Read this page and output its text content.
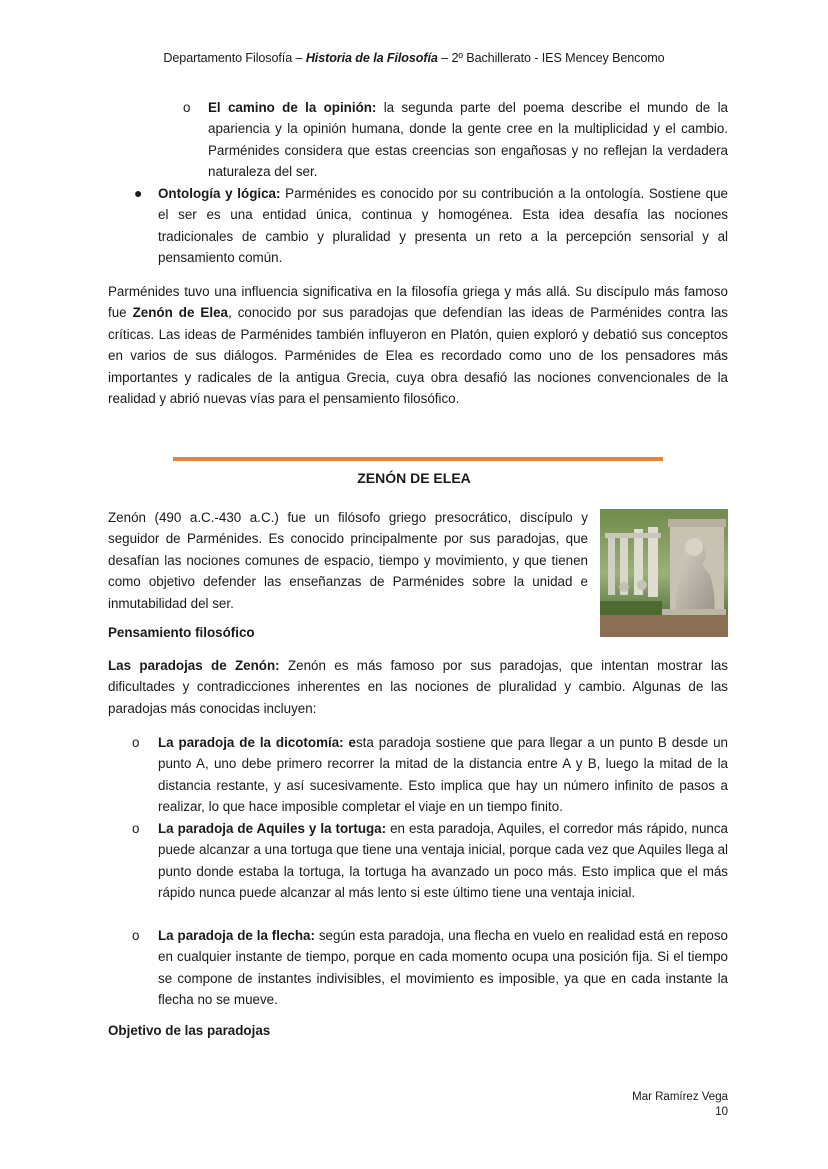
Departamento Filosofía – Historia de la Filosofía – 2º Bachillerato - IES Mencey Bencomo
o El camino de la opinión: la segunda parte del poema describe el mundo de la apariencia y la opinión humana, donde la gente cree en la multiplicidad y el cambio. Parménides considera que estas creencias son engañosas y no reflejan la verdadera naturaleza del ser.
● Ontología y lógica: Parménides es conocido por su contribución a la ontología. Sostiene que el ser es una entidad única, continua y homogénea. Esta idea desafía las nociones tradicionales de cambio y pluralidad y presenta un reto a la percepción sensorial y al pensamiento común.
Parménides tuvo una influencia significativa en la filosofía griega y más allá. Su discípulo más famoso fue Zenón de Elea, conocido por sus paradojas que defendían las ideas de Parménides contra las críticas. Las ideas de Parménides también influyeron en Platón, quien exploró y debatió sus conceptos en varios de sus diálogos. Parménides de Elea es recordado como uno de los pensadores más importantes y radicales de la antigua Grecia, cuya obra desafió las nociones convencionales de la realidad y abrió nuevas vías para el pensamiento filosófico.
ZENÓN DE ELEA
Zenón (490 a.C.-430 a.C.) fue un filósofo griego presocrático, discípulo y seguidor de Parménides. Es conocido principalmente por sus paradojas, que desafían las nociones comunes de espacio, tiempo y movimiento, y que tienen como objetivo defender las enseñanzas de Parménides sobre la unidad e inmutabilidad del ser.
Pensamiento filosófico
Las paradojas de Zenón: Zenón es más famoso por sus paradojas, que intentan mostrar las dificultades y contradicciones inherentes en las nociones de pluralidad y cambio. Algunas de las paradojas más conocidas incluyen:
o La paradoja de la dicotomía: esta paradoja sostiene que para llegar a un punto B desde un punto A, uno debe primero recorrer la mitad de la distancia entre A y B, luego la mitad de la distancia restante, y así sucesivamente. Esto implica que hay un número infinito de pasos a realizar, lo que hace imposible completar el viaje en un tiempo finito.
o La paradoja de Aquiles y la tortuga: en esta paradoja, Aquiles, el corredor más rápido, nunca puede alcanzar a una tortuga que tiene una ventaja inicial, porque cada vez que Aquiles llega al punto donde estaba la tortuga, la tortuga ha avanzado un poco más. Esto implica que el más rápido nunca puede alcanzar al más lento si este último tiene una ventaja inicial.
o La paradoja de la flecha: según esta paradoja, una flecha en vuelo en realidad está en reposo en cualquier instante de tiempo, porque en cada momento ocupa una posición fija. Si el tiempo se compone de instantes indivisibles, el movimiento es imposible, ya que en cada instante la flecha no se mueve.
Objetivo de las paradojas
Mar Ramírez Vega
10
